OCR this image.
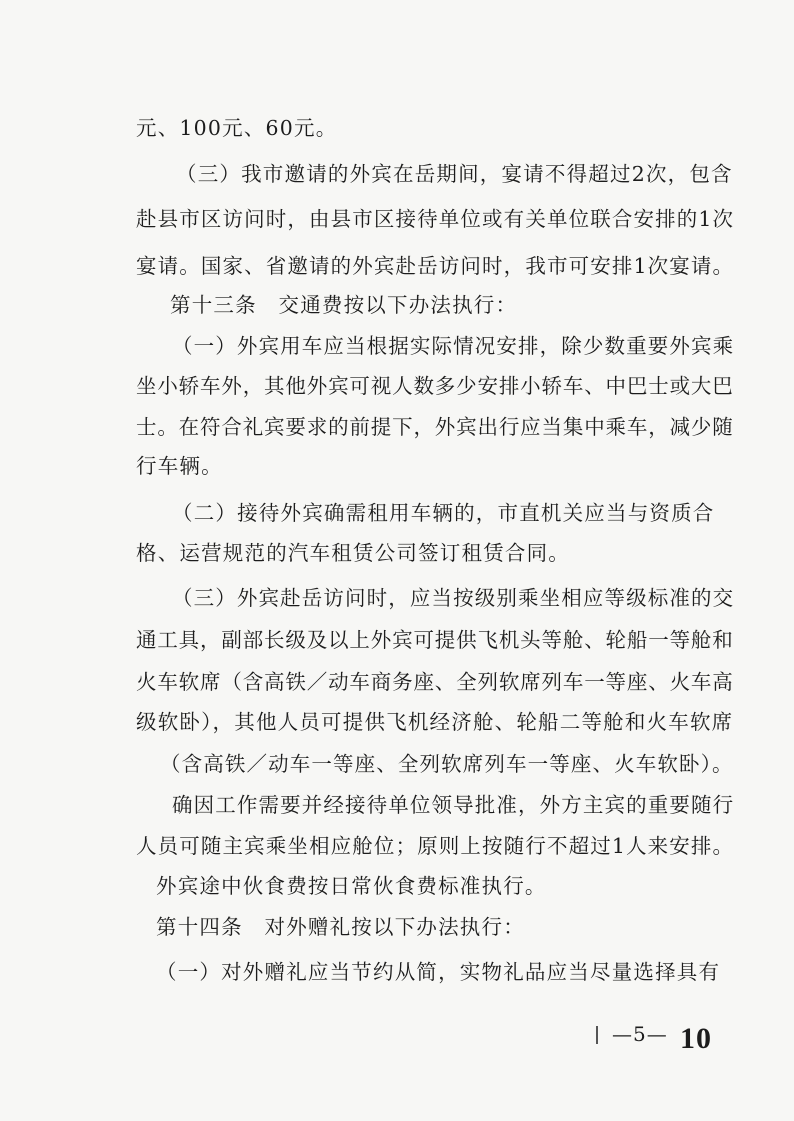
元、100元、60元。
（三）我市邀请的外宾在岳期间，宴请不得超过2次，包含
赴县市区访问时，由县市区接待单位或有关单位联合安排的1次
宴请。国家、省邀请的外宾赴岳访问时，我市可安排1次宴请。
第十三条　交通费按以下办法执行：
（一）外宾用车应当根据实际情况安排，除少数重要外宾乘
坐小轿车外，其他外宾可视人数多少安排小轿车、中巴士或大巴
士。在符合礼宾要求的前提下，外宾出行应当集中乘车，减少随
行车辆。
（二）接待外宾确需租用车辆的，市直机关应当与资质合
格、运营规范的汽车租赁公司签订租赁合同。
（三）外宾赴岳访问时，应当按级别乘坐相应等级标准的交
通工具，副部长级及以上外宾可提供飞机头等舱、轮船一等舱和
火车软席（含高铁／动车商务座、全列软席列车一等座、火车高
级软卧），其他人员可提供飞机经济舱、轮船二等舱和火车软席
（含高铁／动车一等座、全列软席列车一等座、火车软卧）。
确因工作需要并经接待单位领导批准，外方主宾的重要随行
人员可随主宾乘坐相应舱位；原则上按随行不超过1人来安排。
外宾途中伙食费按日常伙食费标准执行。
第十四条　对外赠礼按以下办法执行：
（一）对外赠礼应当节约从简，实物礼品应当尽量选择具有
—5— 10
